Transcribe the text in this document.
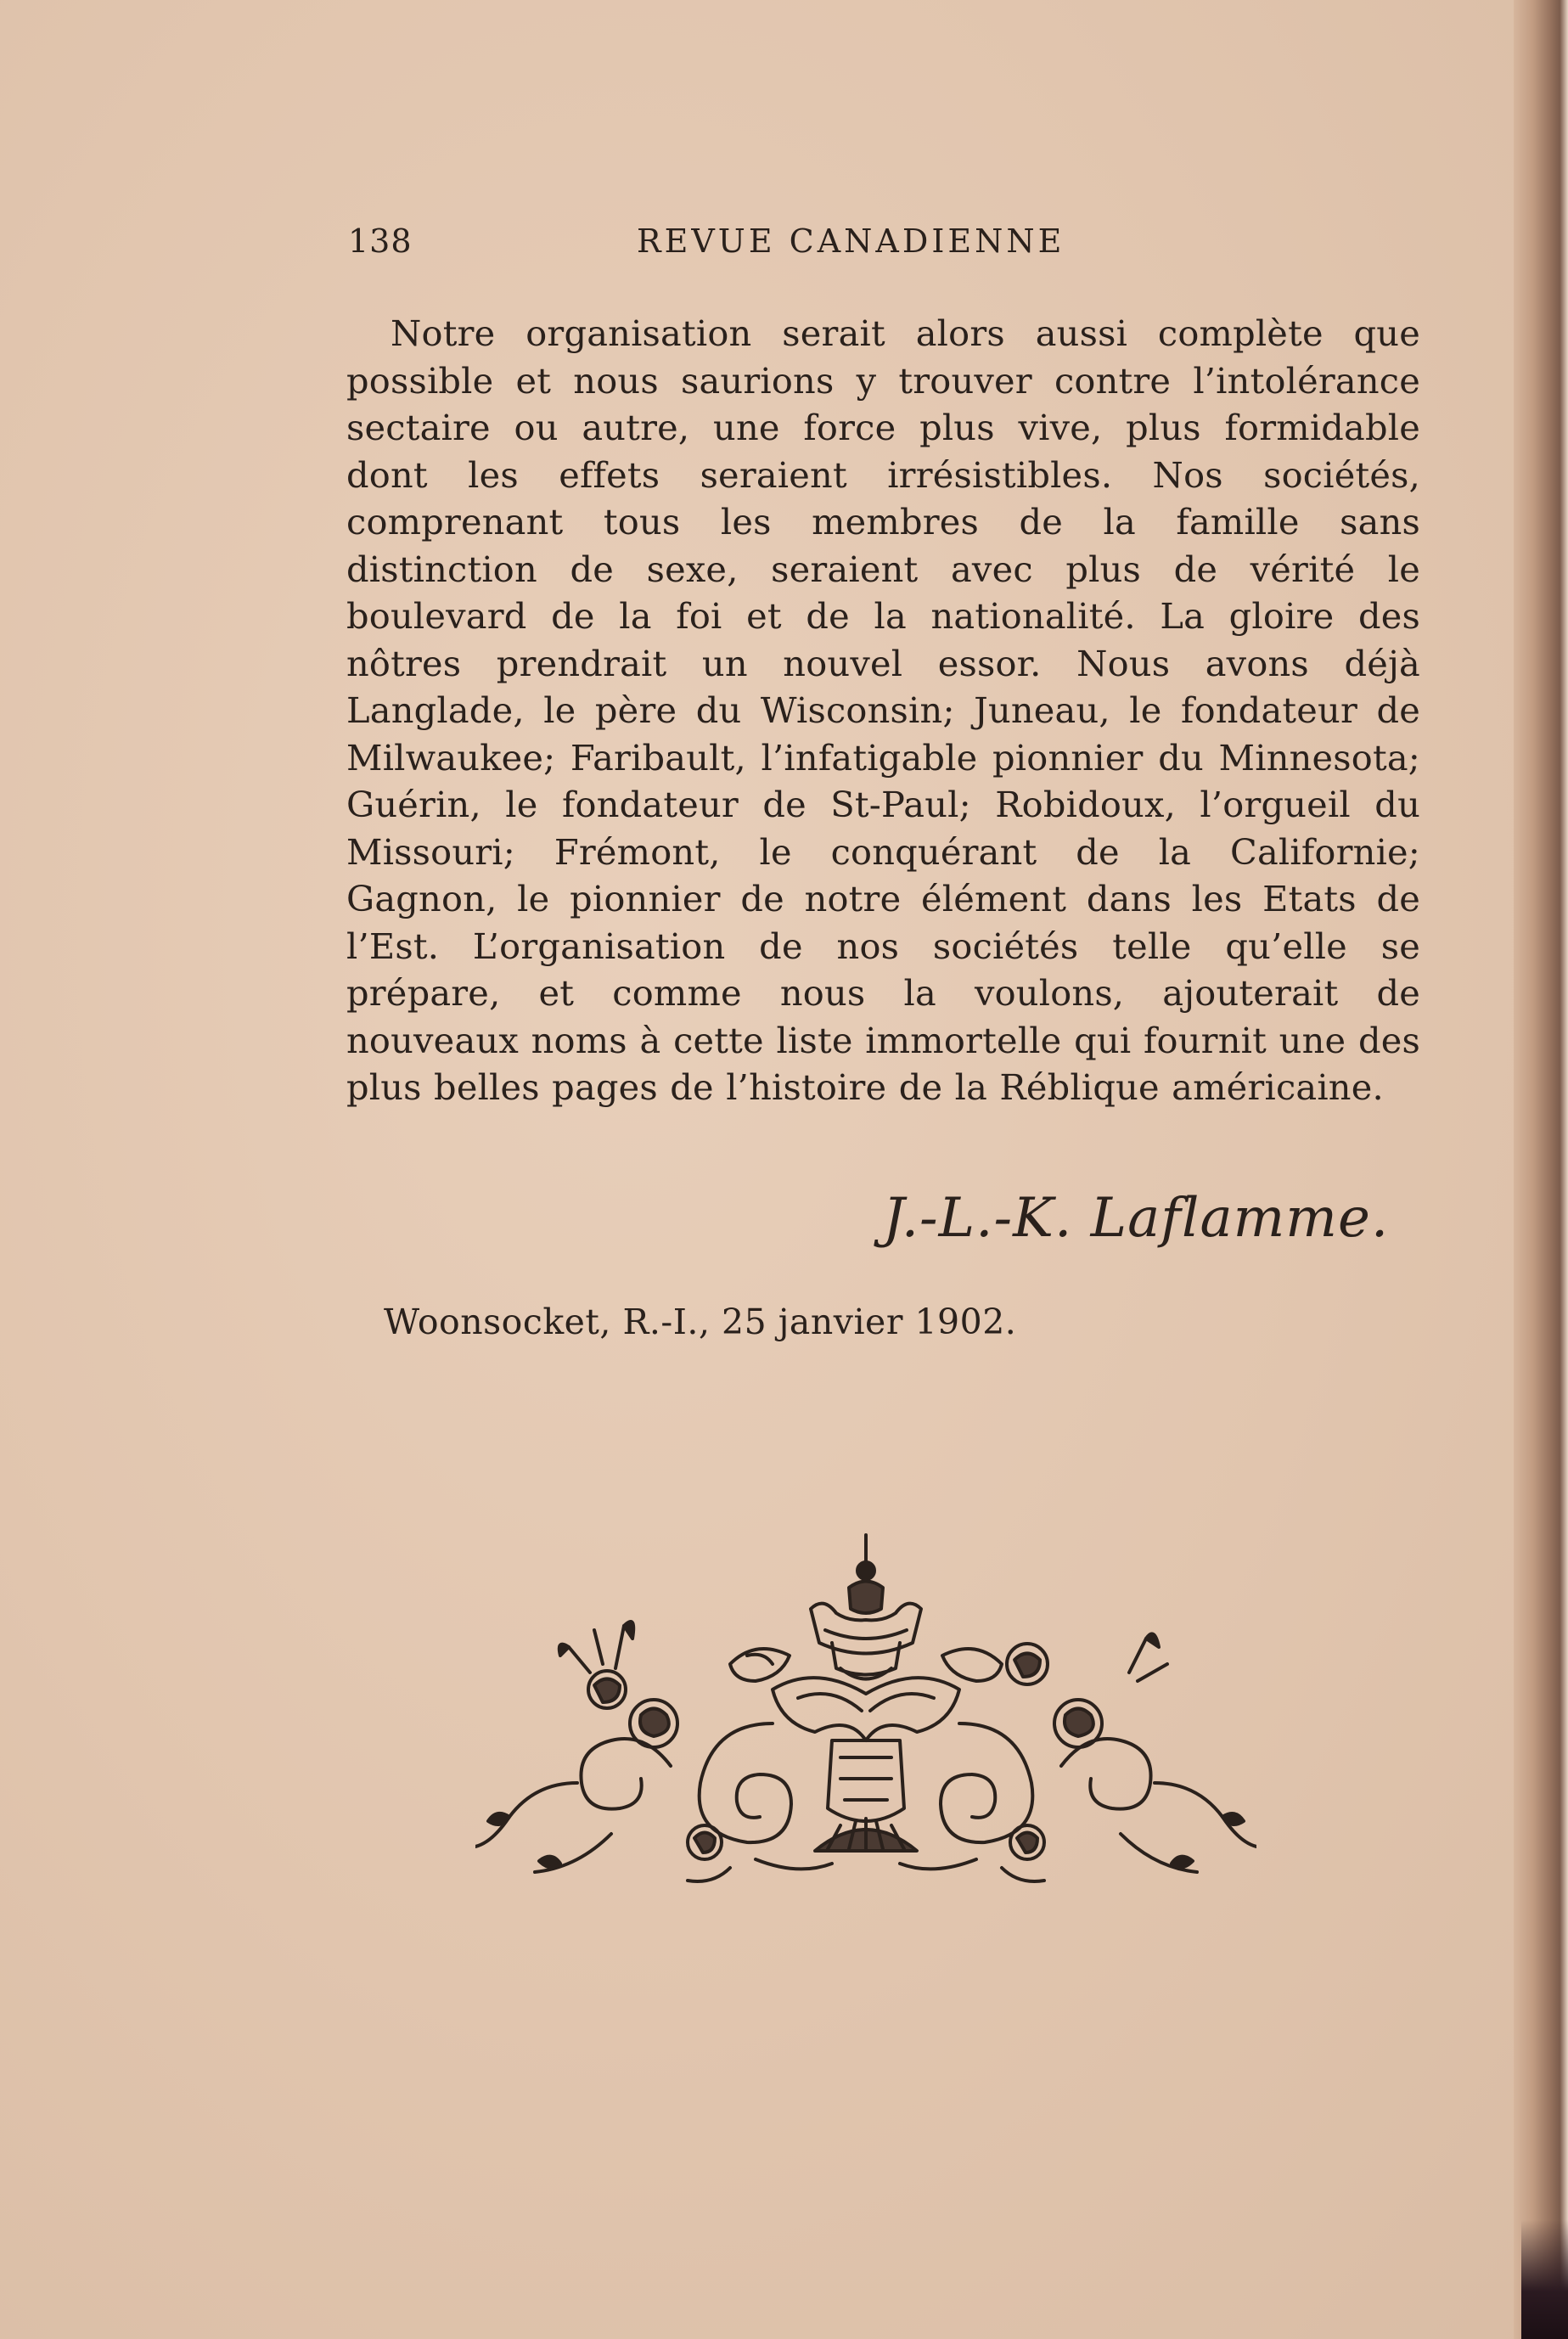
138	REVUE CANADIENNE

Notre organisation serait alors aussi complète que possible et nous saurions y trouver contre l’intolérance sectaire ou autre, une force plus vive, plus formidable dont les effets seraient irrésistibles. Nos sociétés, comprenant tous les membres de la famille sans distinction de sexe, seraient avec plus de vérité le boulevard de la foi et de la nationalité. La gloire des nôtres prendrait un nouvel essor. Nous avons déjà Langlade, le père du Wisconsin; Juneau, le fondateur de Milwaukee; Faribault, l’infatigable pionnier du Minnesota; Guérin, le fondateur de St-Paul; Robidoux, l’orgueil du Missouri; Frémont, le conquérant de la Californie; Gagnon, le pionnier de notre élément dans les Etats de l’Est. L’organisation de nos sociétés telle qu’elle se prépare, et comme nous la voulons, ajouterait de nouveaux noms à cette liste immortelle qui fournit une des plus belles pages de l’histoire de la Réblique américaine.

J.-L.-K. Laflamme.
Woonsocket, R.-I., 25 janvier 1902.
